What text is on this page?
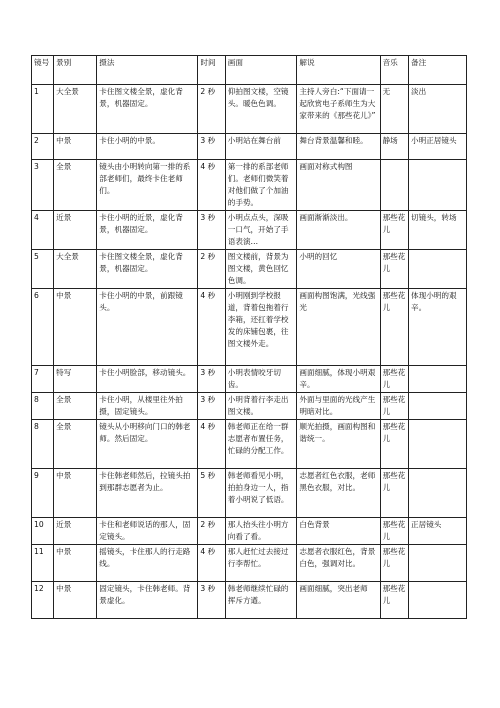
镜号	景别	摄法	时间	画面	解说	音乐	备注
1	大全景	卡住图文楼全景，虚化背景，机器固定。	2 秒	仰拍图文楼，空镜头。暖色色调。	主持人旁白:“下面请一起欣赏电子系师生为大家带来的《那些花儿》”	无	淡出
2	中景	卡住小明的中景。	3 秒	小明站在舞台前	舞台背景温馨和睦。	静场	小明正居镜头
3	全景	镜头由小明转向第一排的系部老师们，最终卡住老师们。	4 秒	第一排的系部老师们。老师们微笑着对他们做了个加油的手势。	画面对称式构图		
4	近景	卡住小明的近景，虚化背景，机器固定。	3 秒	小明点点头，深吸一口气，开始了手语表演…	画面渐渐淡出。	那些花儿	切镜头，转场
5	大全景	卡住图文楼全景，虚化背景，机器固定。	2 秒	图文楼前，背景为图文楼，黄色回忆色调。	小明的回忆	那些花儿	
6	中景	卡住小明的中景，前跟镜头。	4 秒	小明刚到学校报道，背着包拖着行李箱，还扛着学校发的床铺包裹，往图文楼外走。	画面构图饱满，光线强光	那些花儿	体现小明的艰辛。
7	特写	卡住小明脸部，移动镜头。	3 秒	小明表情咬牙切齿。	画面细腻，体现小明艰辛。	那些花儿	
8	全景	卡住小明，从楼里往外拍摄，固定镜头。	3 秒	小明背着行李走出图文楼。	外面与里面的光线产生明暗对比。	那些花儿	
8	全景	镜头从小明移向门口的韩老师。然后固定。	4 秒	韩老师正在给一群志愿者布置任务，忙碌的分配工作。	顺光拍摄，画面构图和谐统一。	那些花儿	
9	中景	卡住韩老师然后，拉镜头拍到那群志愿者为止。	5 秒	韩老师看见小明，拍拍身边一人，指着小明说了低语。	志愿者红色衣服，老师黑色衣服，对比。	那些花儿	
10	近景	卡住和老师说话的那人，固定镜头。	2 秒	那人抬头往小明方向看了看。	白色背景	那些花儿	正居镜头
11	中景	摇镜头，卡住那人的行走路线。	4 秒	那人赶忙过去接过行李帮忙。	志愿者衣服红色，背景白色，强调对比。	那些花儿	
12	中景	固定镜头，卡住韩老师。背景虚化。	3 秒	韩老师继续忙碌的挥斥方遒。	画面细腻，突出老师	那些花儿	
